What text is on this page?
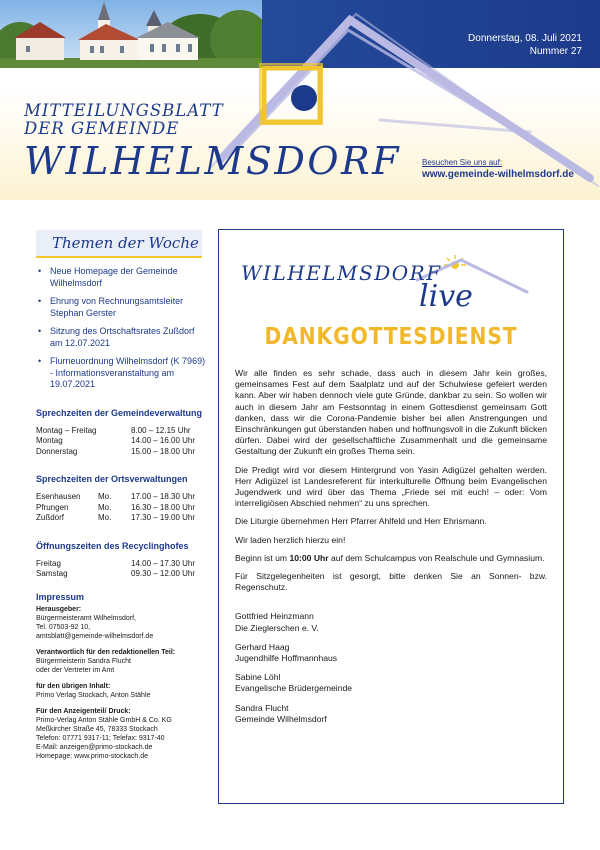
Donnerstag, 08. Juli 2021
Nummer 27
MITTEILUNGSBLATT
DER GEMEINDE
WILHELMSDORF	Besuchen Sie uns auf:
www.gemeinde-wilhelmsdorf.de
Themen der Woche
• Neue Homepage der Gemeinde Wilhelmsdorf
• Ehrung von Rechnungsamtsleiter Stephan Gerster
• Sitzung des Ortschaftsrates Zußdorf am 12.07.2021
• Flurneuordnung Wilhelmsdorf (K 7969) - Informationsveranstaltung am 19.07.2021
Sprechzeiten der Gemeindeverwaltung
Montag – Freitag	8.00 – 12.15 Uhr
Montag	14.00 – 16.00 Uhr
Donnerstag	15.00 – 18.00 Uhr
Sprechzeiten der Ortsverwaltungen
Esenhausen	Mo.	17.00 – 18.30 Uhr
Pfrungen	Mo.	16.30 – 18.00 Uhr
Zußdorf	Mo.	17.30 – 19.00 Uhr
Öffnungszeiten des Recyclinghofes
Freitag	14.00 – 17.30 Uhr
Samstag	09.30 – 12.00 Uhr
Impressum
Herausgeber:
Bürgermeisteramt Wilhelmsdorf,
Tel. 07503-92 10,
amtsblatt@gemeinde-wilhelmsdorf.de
Verantwortlich für den redaktionellen Teil:
Bürgermeisterin Sandra Flucht
oder der Vertreter im Amt
für den übrigen Inhalt:
Primo Verlag Stockach, Anton Stähle
Für den Anzeigenteil/ Druck:
Primo-Verlag Anton Stähle GmbH & Co. KG
Meßkircher Straße 45, 78333 Stockach
Telefon: 07771 9317-11; Telefax: 9317-40
E-Mail: anzeigen@primo-stockach.de
Homepage: www.primo-stockach.de
WILHELMSDORF
live
DANKGOTTESDIENST

Wir alle finden es sehr schade, dass auch in diesem Jahr kein großes, gemeinsames Fest auf dem Saalplatz und auf der Schulwiese gefeiert werden kann. Aber wir haben dennoch viele gute Gründe, dankbar zu sein. So wollen wir auch in diesem Jahr am Festsonntag in einem Gottesdienst gemeinsam Gott danken, dass wir die Corona-Pandemie bisher bei allen Anstrengungen und Einschränkungen gut überstanden haben und hoffnungsvoll in die Zukunft blicken dürfen. Dabei wird der gesellschaftliche Zusammenhalt und die gemeinsame Gestaltung der Zukunft ein großes Thema sein.

Die Predigt wird vor diesem Hintergrund von Yasin Adigüzel gehalten werden. Herr Adigüzel ist Landesreferent für interkulturelle Öffnung beim Evangelischen Jugendwerk und wird über das Thema „Friede sei mit euch! – oder: Vom interreligiösen Abschied nehmen“ zu uns sprechen.

Die Liturgie übernehmen Herr Pfarrer Ahlfeld und Herr Ehrismann.

Wir laden herzlich hierzu ein!

Beginn ist um 10:00 Uhr auf dem Schulcampus von Realschule und Gymnasium.

Für Sitzgelegenheiten ist gesorgt, bitte denken Sie an Sonnen- bzw. Regenschutz.

Gottfried Heinzmann
Die Zieglerschen e. V.
Gerhard Haag
Jugendhilfe Hoffmannhaus
Sabine Löhl
Evangelische Brüdergemeinde
Sandra Flucht
Gemeinde Wilhelmsdorf
